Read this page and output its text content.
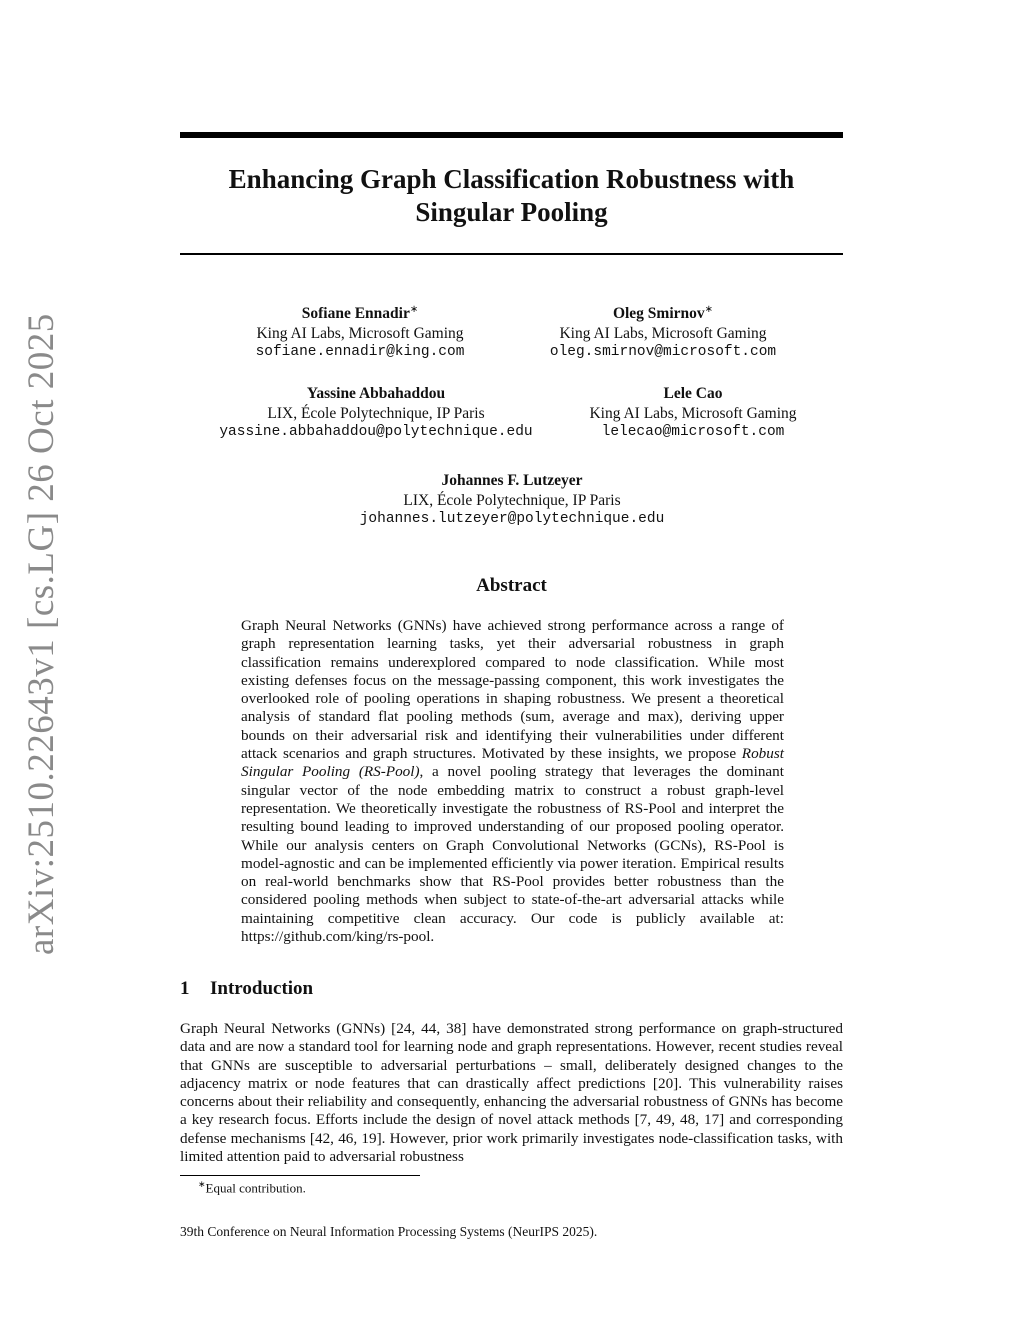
arXiv:2510.22643v1 [cs.LG] 26 Oct 2025
Enhancing Graph Classification Robustness with
Singular Pooling
Sofiane Ennadir∗
King AI Labs, Microsoft Gaming
sofiane.ennadir@king.com
Oleg Smirnov∗
King AI Labs, Microsoft Gaming
oleg.smirnov@microsoft.com
Yassine Abbahaddou
LIX, École Polytechnique, IP Paris
yassine.abbahaddou@polytechnique.edu
Lele Cao
King AI Labs, Microsoft Gaming
lelecao@microsoft.com
Johannes F. Lutzeyer
LIX, École Polytechnique, IP Paris
johannes.lutzeyer@polytechnique.edu
Abstract
Graph Neural Networks (GNNs) have achieved strong performance across a range of graph representation learning tasks, yet their adversarial robustness in graph classification remains underexplored compared to node classification. While most existing defenses focus on the message-passing component, this work investigates the overlooked role of pooling operations in shaping robustness. We present a theoretical analysis of standard flat pooling methods (sum, average and max), deriving upper bounds on their adversarial risk and identifying their vulnerabilities under different attack scenarios and graph structures. Motivated by these insights, we propose Robust Singular Pooling (RS-Pool), a novel pooling strategy that leverages the dominant singular vector of the node embedding matrix to construct a robust graph-level representation. We theoretically investigate the robustness of RS-Pool and interpret the resulting bound leading to improved understanding of our proposed pooling operator. While our analysis centers on Graph Convolutional Networks (GCNs), RS-Pool is model-agnostic and can be implemented efficiently via power iteration. Empirical results on real-world benchmarks show that RS-Pool provides better robustness than the considered pooling methods when subject to state-of-the-art adversarial attacks while maintaining competitive clean accuracy. Our code is publicly available at: https://github.com/king/rs-pool.
1 Introduction
Graph Neural Networks (GNNs) [24, 44, 38] have demonstrated strong performance on graph-structured data and are now a standard tool for learning node and graph representations. However, recent studies reveal that GNNs are susceptible to adversarial perturbations – small, deliberately designed changes to the adjacency matrix or node features that can drastically affect predictions [20]. This vulnerability raises concerns about their reliability and consequently, enhancing the adversarial robustness of GNNs has become a key research focus. Efforts include the design of novel attack methods [7, 49, 48, 17] and corresponding defense mechanisms [42, 46, 19]. However, prior work primarily investigates node-classification tasks, with limited attention paid to adversarial robustness
∗Equal contribution.
39th Conference on Neural Information Processing Systems (NeurIPS 2025).
